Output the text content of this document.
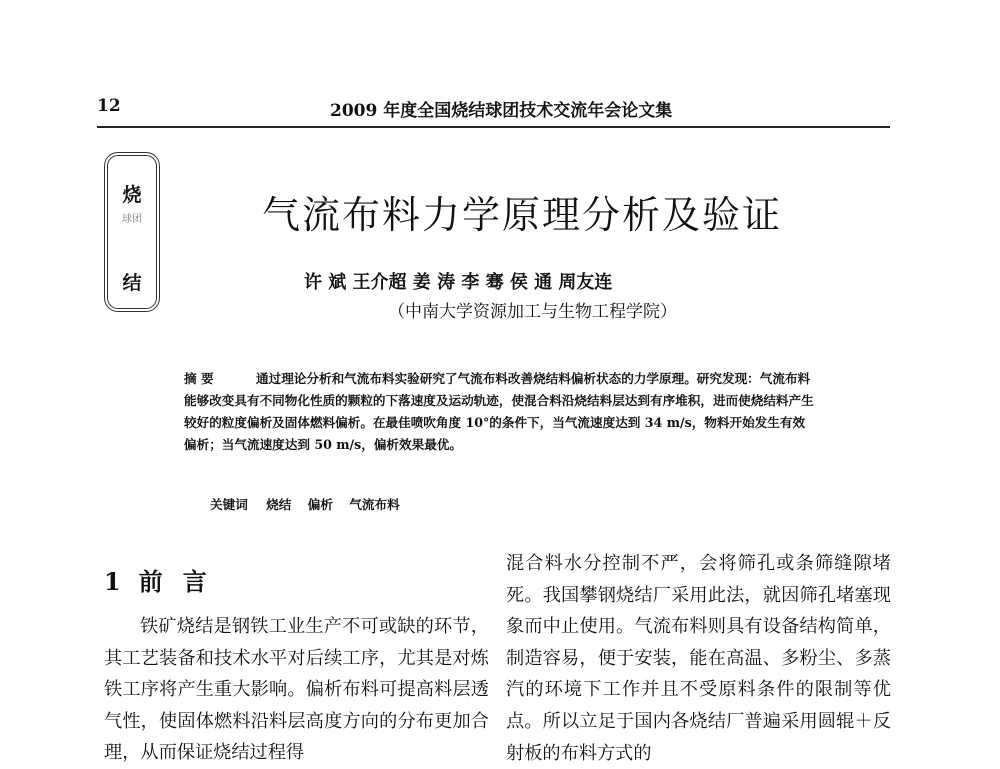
12	2009 年度全国烧结球团技术交流年会论文集
烧
球团
结
气流布料力学原理分析及验证
许 斌 王介超 姜 涛 李 骞 侯 通 周友连
（中南大学资源加工与生物工程学院）
摘 要	通过理论分析和气流布料实验研究了气流布料改善烧结料偏析状态的力学原理。研究发现：气流布料能够改变具有不同物化性质的颗粒的下落速度及运动轨迹，使混合料沿烧结料层达到有序堆积，进而使烧结料产生较好的粒度偏析及固体燃料偏析。在最佳喷吹角度 10°的条件下，当气流速度达到 34 m/s，物料开始发生有效偏析；当气流速度达到 50 m/s，偏析效果最优。
关键词 烧结 偏析 气流布料
1 前言
铁矿烧结是钢铁工业生产不可或缺的环节，其工艺装备和技术水平对后续工序，尤其是对炼铁工序将产生重大影响。偏析布料可提高料层透气性，使固体燃料沿料层高度方向的分布更加合理，从而保证烧结过程得
混合料水分控制不严，会将筛孔或条筛缝隙堵死。我国攀钢烧结厂采用此法，就因筛孔堵塞现象而中止使用。气流布料则具有设备结构简单，制造容易，便于安装，能在高温、多粉尘、多蒸汽的环境下工作并且不受原料条件的限制等优点。所以立足于国内各烧结厂普遍采用圆辊＋反射板的布料方式的
